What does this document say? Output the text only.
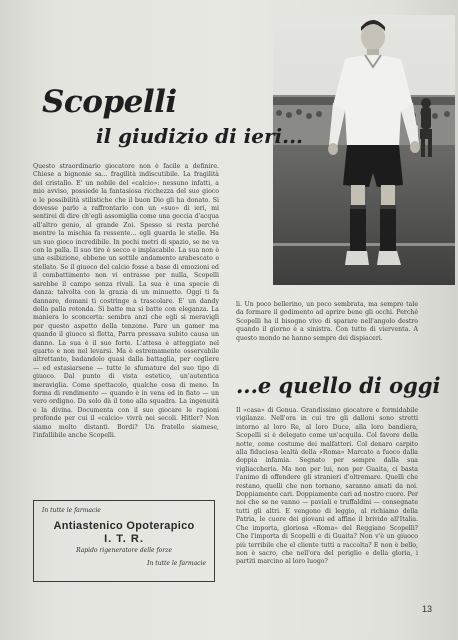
Scopelli
il giudizio di ieri...

Questo straordinario giocatore non è facile a definire. Chiese a bignonie sa... fragilità indiscutibile. La fragilità del cristallo. E' un nobile del «calcio»: nessuno infatti, a mio avviso, possiede la fantasiosa ricchezza del suo gioco e le possibilità stilistiche che il buon Dio gli ha donato. Si dovesse parlo a raffrontarlo con un «suo» di ieri, mi sentirei di dire ch'egli assomiglia come una goccia d'acqua all'altro genio, al grande Zoi. Spesso si resta perché mentre la mischia fa ressente... egli guarda le stelle. Ha un suo gioco incredibile. In pochi metri di spazio, se ne va con la palla. Il suo tiro è secco e implacabile. La sua non è una esibizione, ebbene un sottile andamento arabescato e stellato. Se il giuoco del calcio fosse a base di emozioni ed il combattimento non vi entrasse per nulla, Scopelli sarebbe il campo senza rivali. La sua è una specie di danza: talvolta con la grazia di un minuetto. Oggi ti fa dannare, domani ti costringe a trascolare. E' un dandy della palla rotonda. Si batte ma si batte con eleganza. La maniera lo sconcerta: sembra anzi che egli si meravigli per questo aspetto della tenzone. Pare un gamer ma quando il giuoco si fletta, Parra pressava subito causa un danno. La sua è il suo forte. L'attesa è atteggiato nel quarto e non nel levarsi. Ma è estremamente osservabile altrettanto, badandolo quasi dalla battaglia, per cogliere — ed estasiarsene — tutte le sfumature del suo tipo di giuoco. Dal punto di vista estetico, un'autentica meraviglia. Come spettacolo, qualche cosa di meno. In forma di rendimento — quando è in vena ed in fiato — un vero ordigno. Da solo dà il tono alla squadra. La ingenuità e la divina. Documenta con il suo giocare le ragioni profonde per cui il «calcio» vivrà nei secoli. Hitler? Non siamo molto distanti. Bordi? Un fratello siamese, l'infallibile anche Scopelli.

lì. Un poco bellerino, un poco sembrata, ma sempre tale da formare il godimento ad aprire bene gli occhi. Perché Scopelli ha il bisogno vivo di sparare nell'angolo destro quando il giorno è a sinistra. Con tutto di vierventa. A questo mondo ne hanno sempre dei dispiaceri.

...e quello di oggi

Il «casa» di Genua. Grandissimo giocatore e formidabile vigilanze. Nell'ora in cui tre gli dalloni sono stretti intorno al loro Re, al loro Duce, alla loro bandiera, Scopelli si è delegato come un'acquila. Col favore della notte, come costume dei malfattori. Col denaro carpito alla fiduciosa lealtà della «Roma» Marcato a fuoco dalla doppia infamia. Segnato per sempre dalla sua vigliaccheria. Ma non per lui, non per Guaita, ci basta l'animo di offendere gli stranieri d'oltremare. Quelli che restano, quelli che non tornano, saranno amati da noi. Doppiamente cari. Doppiamente cari ad nostro cuore. Per noi che se ne vanno — paviali e truffaldini — consegnate tutti gli altri. E vengono di leggio, al richiamo della Patria, le cuore dei giovani ed affine il brivido all'Italia. Che importa, gloriosa «Roma» del Reggiano Scopelli? Che l'importa di Scopelli e di Guaita? Non v'è un giuoco più terribile che el cliente tutti a raccolta? E non è bello, non è sacro, che nell'ora del periglio e della gloria, i partiti marcino al loro luogo?

In tutte le farmacie
Antiastenico Opoterapico
I. T. R.
Rapido rigeneratore delle forze
In tutte le farmacie
13
